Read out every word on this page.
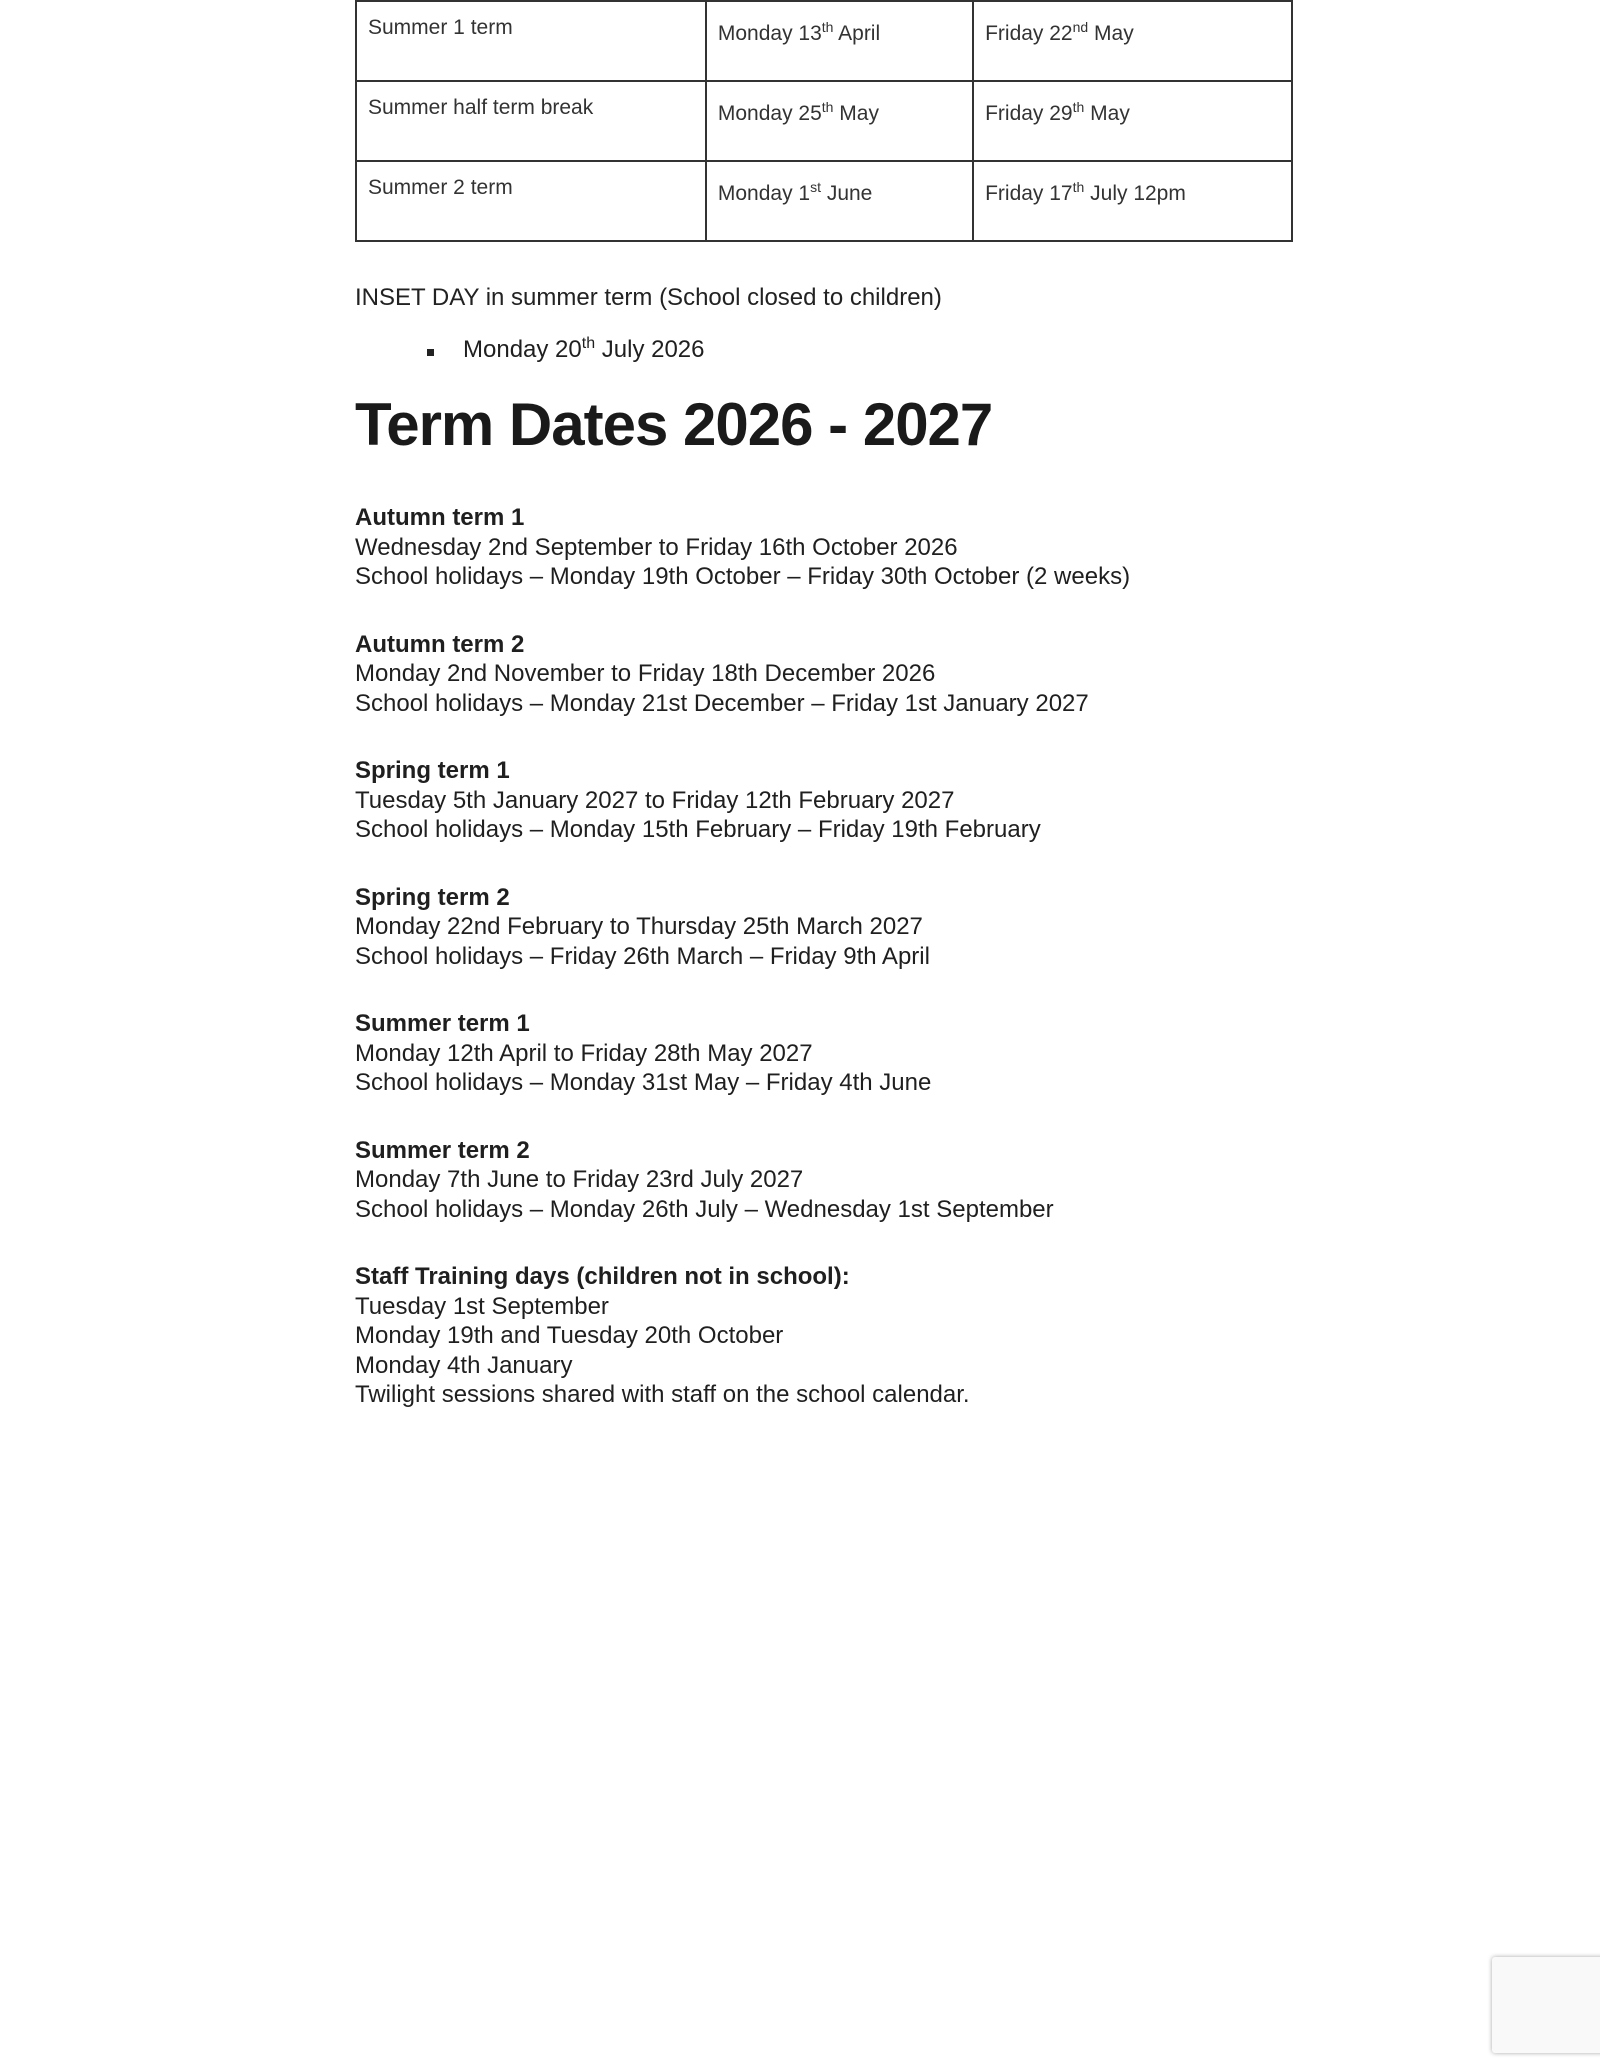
Summer 1 term	Monday 13th April	Friday 22nd May
Summer half term break	Monday 25th May	Friday 29th May
Summer 2 term	Monday 1st June	Friday 17th July 12pm
INSET DAY in summer term (School closed to children)
Monday 20th July 2026
Term Dates 2026 - 2027
Autumn term 1
Wednesday 2nd September to Friday 16th October 2026
School holidays – Monday 19th October – Friday 30th October (2 weeks)
Autumn term 2
Monday 2nd November to Friday 18th December 2026
School holidays – Monday 21st December – Friday 1st January 2027
Spring term 1
Tuesday 5th January 2027 to Friday 12th February 2027
School holidays – Monday 15th February – Friday 19th February
Spring term 2
Monday 22nd February to Thursday 25th March 2027
School holidays – Friday 26th March – Friday 9th April
Summer term 1
Monday 12th April to Friday 28th May 2027
School holidays – Monday 31st May – Friday 4th June
Summer term 2
Monday 7th June to Friday 23rd July 2027
School holidays – Monday 26th July – Wednesday 1st September
Staff Training days (children not in school):
Tuesday 1st September
Monday 19th and Tuesday 20th October
Monday 4th January
Twilight sessions shared with staff on the school calendar.
